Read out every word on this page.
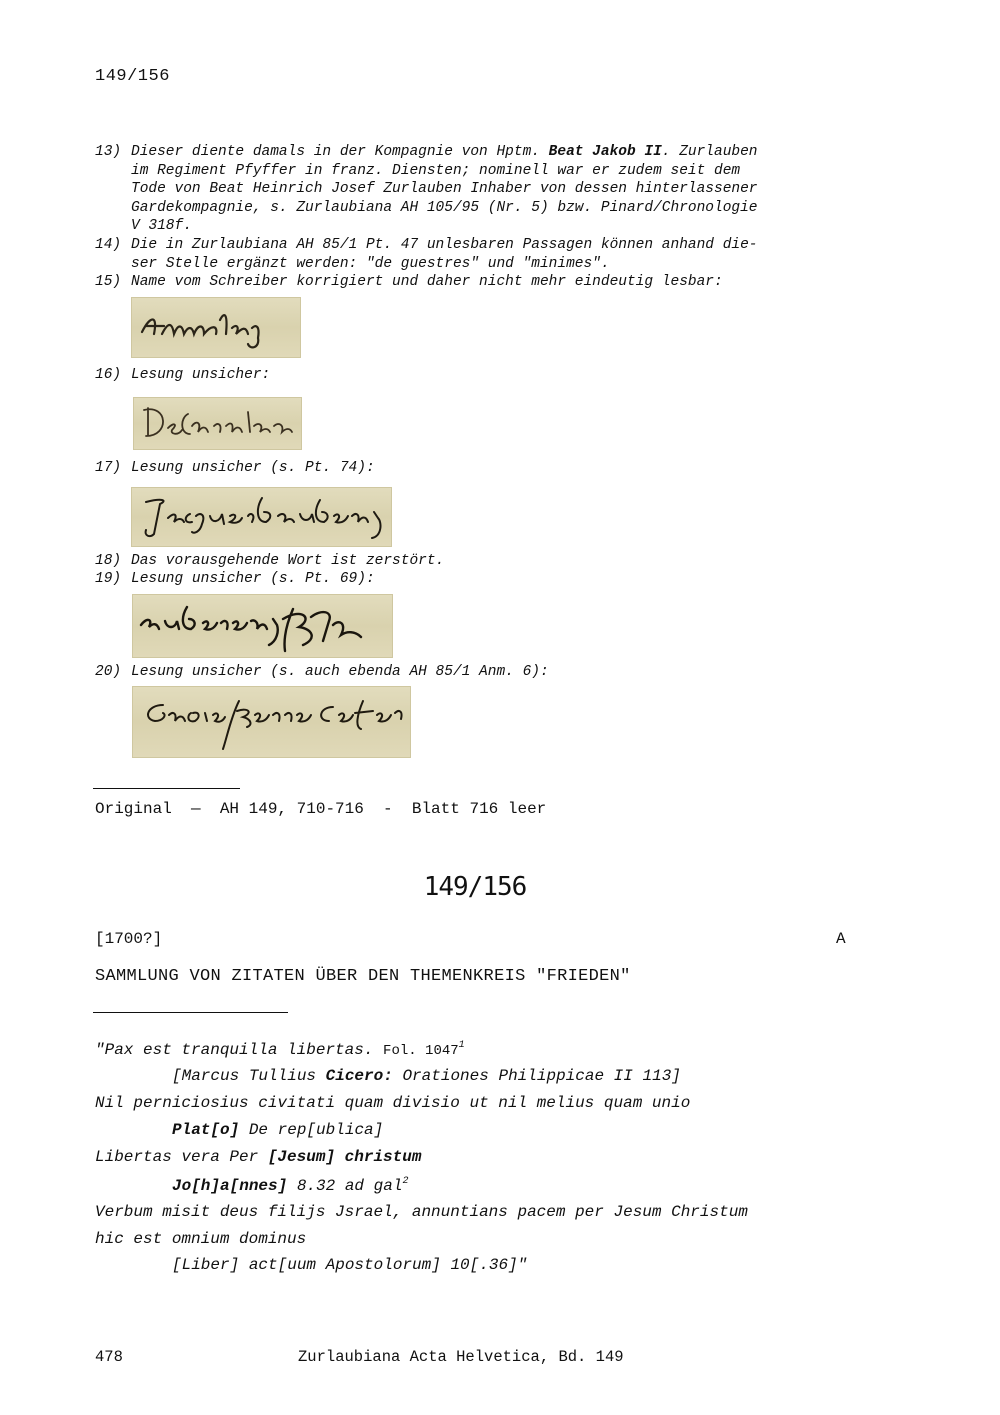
149/156
13) Dieser diente damals in der Kompagnie von Hptm. Beat Jakob II. Zurlauben
im Regiment Pfyffer in franz. Diensten; nominell war er zudem seit dem
Tode von Beat Heinrich Josef Zurlauben Inhaber von dessen hinterlassener
Gardekompagnie, s. Zurlaubiana AH 105/95 (Nr. 5) bzw. Pinard/Chronologie
V 318f.
14) Die in Zurlaubiana AH 85/1 Pt. 47 unlesbaren Passagen können anhand die-
ser Stelle ergänzt werden: "de guestres" und "minimes".
15) Name vom Schreiber korrigiert und daher nicht mehr eindeutig lesbar:
16) Lesung unsicher:
17) Lesung unsicher (s. Pt. 74):
18) Das vorausgehende Wort ist zerstört.
19) Lesung unsicher (s. Pt. 69):
20) Lesung unsicher (s. auch ebenda AH 85/1 Anm. 6):
Original  —  AH 149, 710-716  -  Blatt 716 leer
149/156
[1700?]	A
SAMMLUNG VON ZITATEN ÜBER DEN THEMENKREIS "FRIEDEN"
"Pax est tranquilla libertas. Fol. 1047$^1$
[Marcus Tullius Cicero: Orationes Philippicae II 113]
Nil perniciosius civitati quam divisio ut nil melius quam unio
Plat[o] De rep[ublica]
Libertas vera Per [Jesum] christum
Jo[h]a[nnes] 8.32 ad gal$^2$
Verbum misit deus filijs Jsrael, annuntians pacem per Jesum Christum
hic est omnium dominus
[Liber] act[uum Apostolorum] 10[.36]"
478	Zurlaubiana Acta Helvetica, Bd. 149
